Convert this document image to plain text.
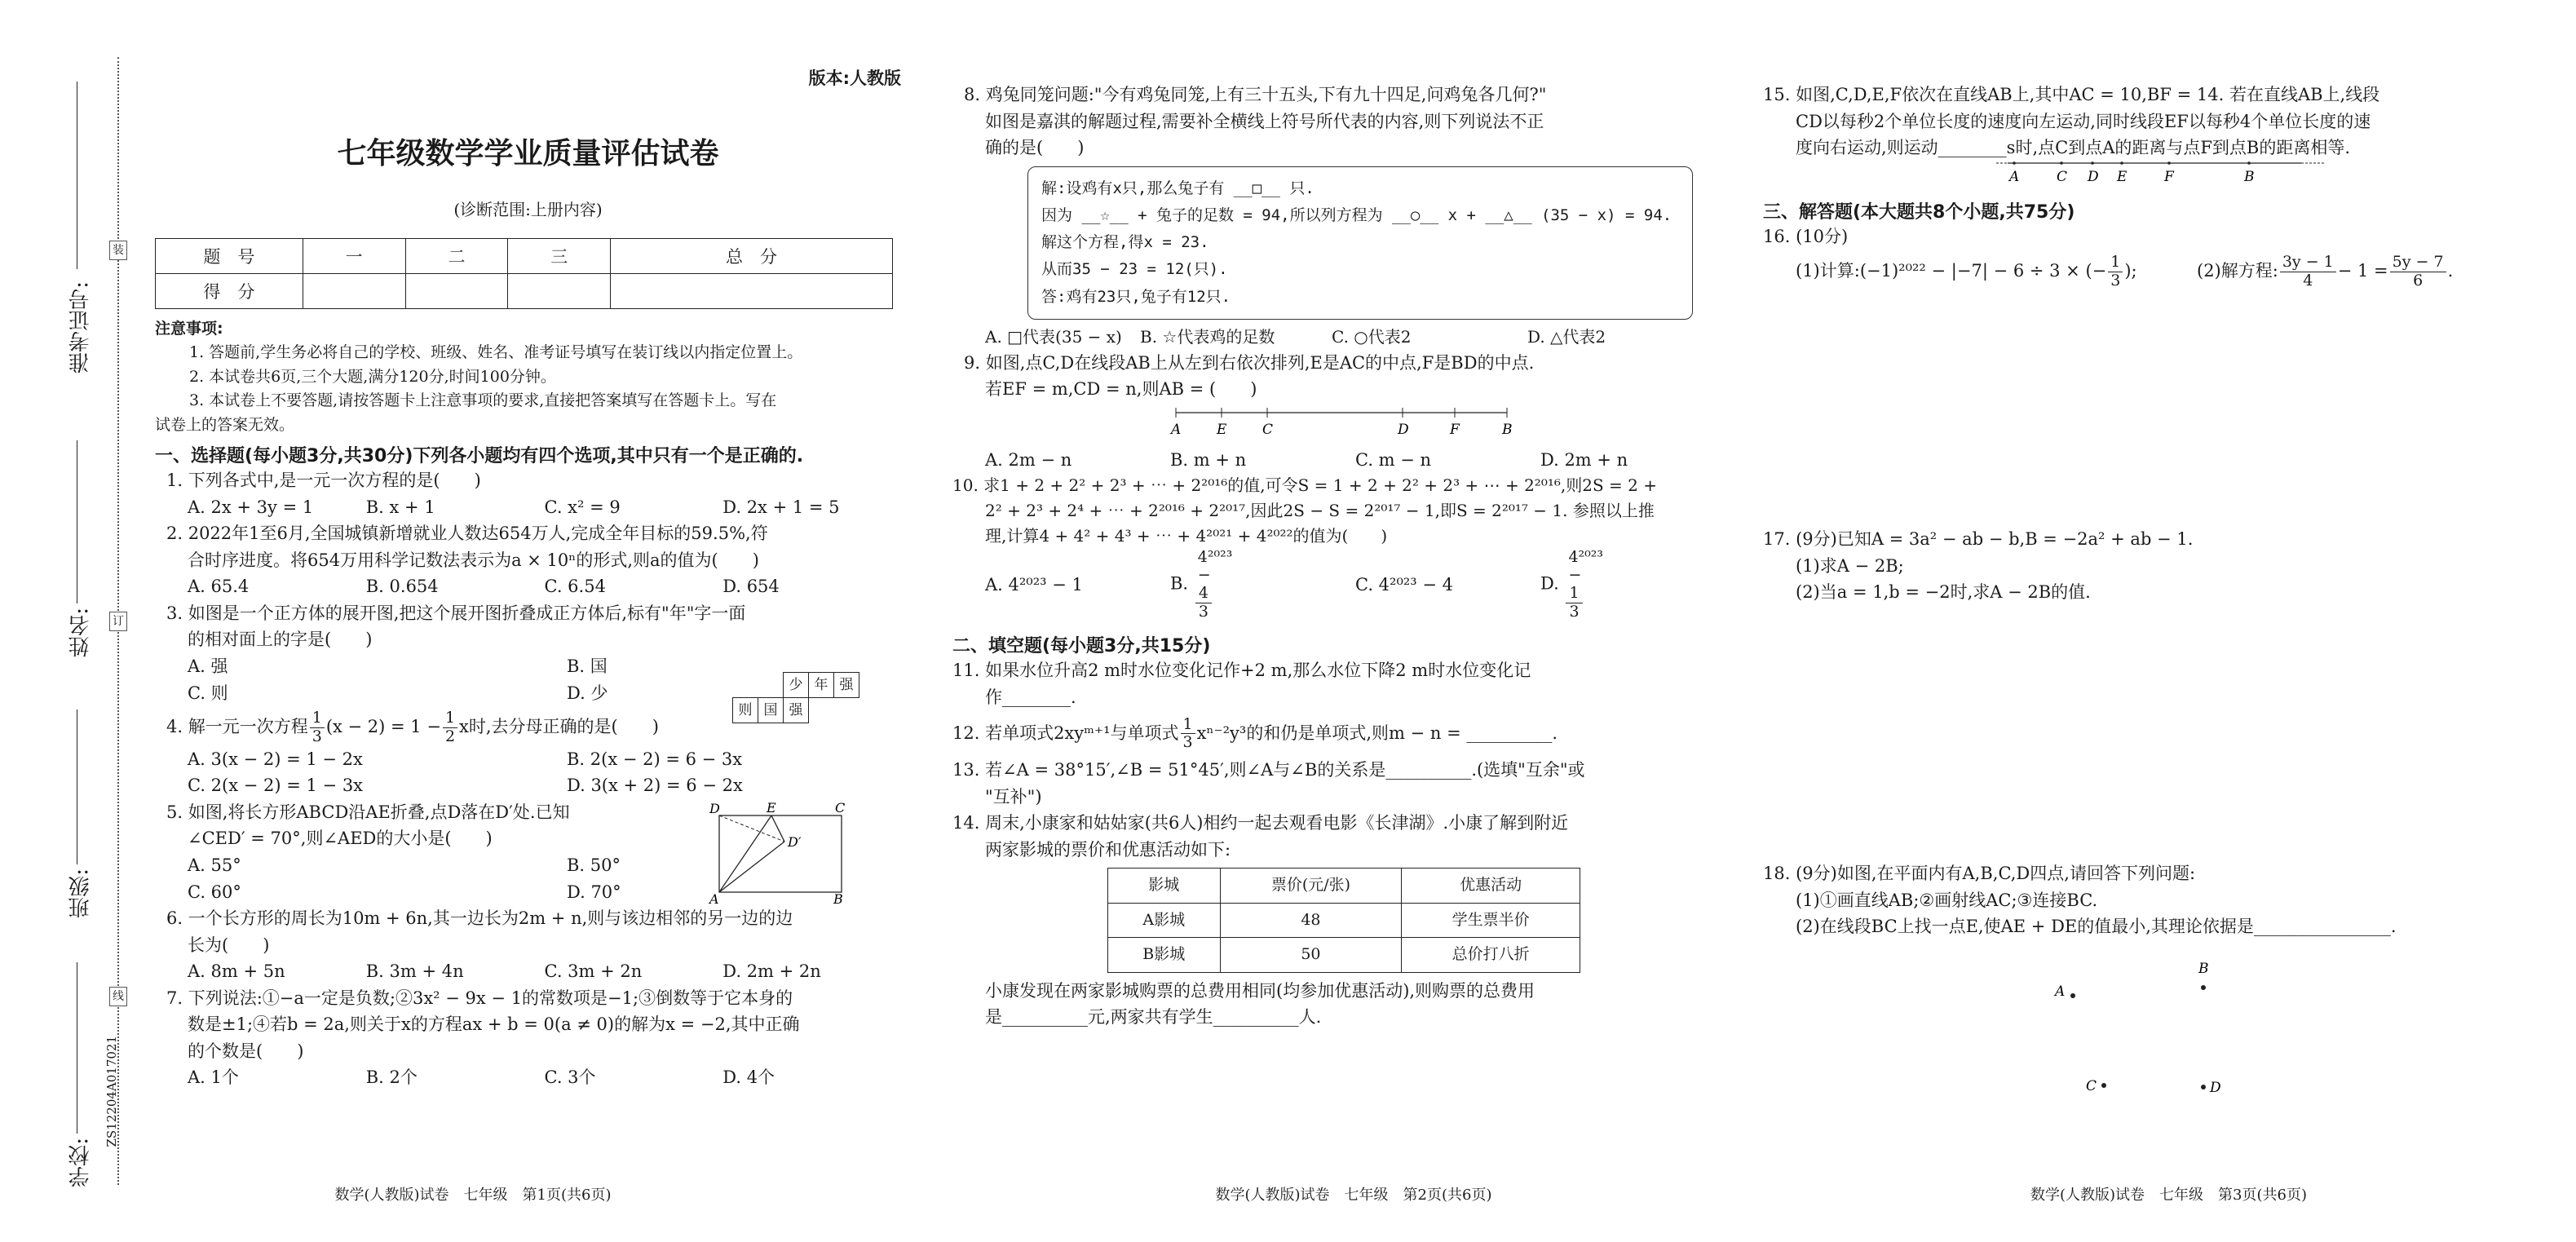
装
订
线
准考证号:
姓名:
班级:
学校:
ZS12204A017021
版本:人教版
七年级数学学业质量评估试卷
(诊断范围:上册内容)
题　号	一	二	三	总　分
得　分				
注意事项:
1. 答题前,学生务必将自己的学校、班级、姓名、准考证号填写在装订线以内指定位置上。
2. 本试卷共6页,三个大题,满分120分,时间100分钟。
3. 本试卷上不要答题,请按答题卡上注意事项的要求,直接把答案填写在答题卡上。写在
试卷上的答案无效。
一、选择题(每小题3分,共30分)下列各小题均有四个选项,其中只有一个是正确的.
1. 下列各式中,是一元一次方程的是(　　)
A. 2x + 3y = 1	B. x + 1	C. x² = 9	D. 2x + 1 = 5
2. 2022年1至6月,全国城镇新增就业人数达654万人,完成全年目标的59.5%,符
合时序进度。将654万用科学记数法表示为a × 10ⁿ的形式,则a的值为(　　)
A. 65.4	B. 0.654	C. 6.54	D. 654
3. 如图是一个正方体的展开图,把这个展开图折叠成正方体后,标有"年"字一面
的相对面上的字是(　　)
A. 强	B. 国
C. 则	D. 少	少 年 强
则 国 强
4. 解一元一次方程 $\frac{1}{3} (x - 2) = 1 - \frac{1}{2}$ x时,去分母正确的是(　　)
A. 3(x − 2) = 1 − 2x	B. 2(x − 2) = 6 − 3x
C. 2(x − 2) = 1 − 3x	D. 3(x + 2) = 6 − 2x
5. 如图,将长方形ABCD沿AE折叠,点D落在D′处.已知
∠CED′ = 70°,则∠AED的大小是(　　)
A. 55°	B. 50°
C. 60°	D. 70°
D	E	C
D′
A	B
6. 一个长方形的周长为10m + 6n,其一边长为2m + n,则与该边相邻的另一边的边
长为(　　)
A. 8m + 5n	B. 3m + 4n	C. 3m + 2n	D. 2m + 2n
7. 下列说法:①−a一定是负数;②3x² − 9x − 1的常数项是−1;③倒数等于它本身的
数是±1;④若b = 2a,则关于x的方程ax + b = 0(a ≠ 0)的解为x = −2,其中正确
的个数是(　　)
A. 1个	B. 2个	C. 3个	D. 4个
数学(人教版)试卷　七年级　第1页(共6页)
8. 鸡兔同笼问题:"今有鸡兔同笼,上有三十五头,下有九十四足,问鸡兔各几何?"
如图是嘉淇的解题过程,需要补全横线上符号所代表的内容,则下列说法不正
确的是(　　)
解:设鸡有x只,那么兔子有 __□__ 只.
因为 __☆__ + 兔子的足数 = 94,所以列方程为 __○__ x + __△__ (35 − x) = 94.
解这个方程,得x = 23.
从而35 − 23 = 12(只).
答:鸡有23只,兔子有12只.
A. □代表(35 − x)	B. ☆代表鸡的足数	C. ○代表2	D. △代表2
9. 如图,点C,D在线段AB上从左到右依次排列,E是AC的中点,F是BD的中点.
若EF = m,CD = n,则AB = (　　)
A	E	C	D	F	B
A. 2m − n	B. m + n	C. m − n	D. 2m + n
10. 求1 + 2 + 2² + 2³ + ⋯ + 2²⁰¹⁶的值,可令S = 1 + 2 + 2² + 2³ + ⋯ + 2²⁰¹⁶,则2S = 2 +
2² + 2³ + 2⁴ + ⋯ + 2²⁰¹⁶ + 2²⁰¹⁷,因此2S − S = 2²⁰¹⁷ − 1,即S = 2²⁰¹⁷ − 1. 参照以上推
理,计算4 + 4² + 4³ + ⋯ + 4²⁰²¹ + 4²⁰²²的值为(　　)
A. 4²⁰²³ − 1	B. $\frac{\text{4²⁰²³ − 4}}{3}$	C. 4²⁰²³ − 4	D. $\frac{\text{4²⁰²³ − 1}}{3}$
二、填空题(每小题3分,共15分)
11. 如果水位升高2 m时水位变化记作+2 m,那么水位下降2 m时水位变化记
作________.
12. 若单项式2xyᵐ⁺¹与单项式 $\frac{1}{3} x^{n-2}y^3$的和仍是单项式,则m − n = __________.
13. 若∠A = 38°15′,∠B = 51°45′,则∠A与∠B的关系是__________.(选填"互余"或
"互补")
14. 周末,小康家和姑姑家(共6人)相约一起去观看电影《长津湖》.小康了解到附近
两家影城的票价和优惠活动如下:
影城	票价(元/张)	优惠活动
A影城	48	学生票半价
B影城	50	总价打八折
小康发现在两家影城购票的总费用相同(均参加优惠活动),则购票的总费用
是__________元,两家共有学生__________人.
数学(人教版)试卷　七年级　第2页(共6页)
15. 如图,C,D,E,F依次在直线AB上,其中AC = 10,BF = 14. 若在直线AB上,线段
CD以每秒2个单位长度的速度向左运动,同时线段EF以每秒4个单位长度的速
度向右运动,则运动________s时,点C到点A的距离与点F到点B的距离相等.
A	C D E	F	B
三、解答题(本大题共8个小题,共75分)
16. (10分)
(1)计算:(−1)²⁰²² − |−7| − 6 ÷ 3 × (− $\frac{1}{3}$ );	(2)解方程: $\frac{3y - 1}{4} - 1 = \frac{5y - 7}{6}$ .
17. (9分)已知A = 3a² − ab − b,B = −2a² + ab − 1.
(1)求A − 2B;
(2)当a = 1,b = −2时,求A − 2B的值.
18. (9分)如图,在平面内有A,B,C,D四点,请回答下列问题:
(1)①画直线AB;②画射线AC;③连接BC.
(2)在线段BC上找一点E,使AE + DE的值最小,其理论依据是________________.
A
B
C	D
数学(人教版)试卷　七年级　第3页(共6页)
